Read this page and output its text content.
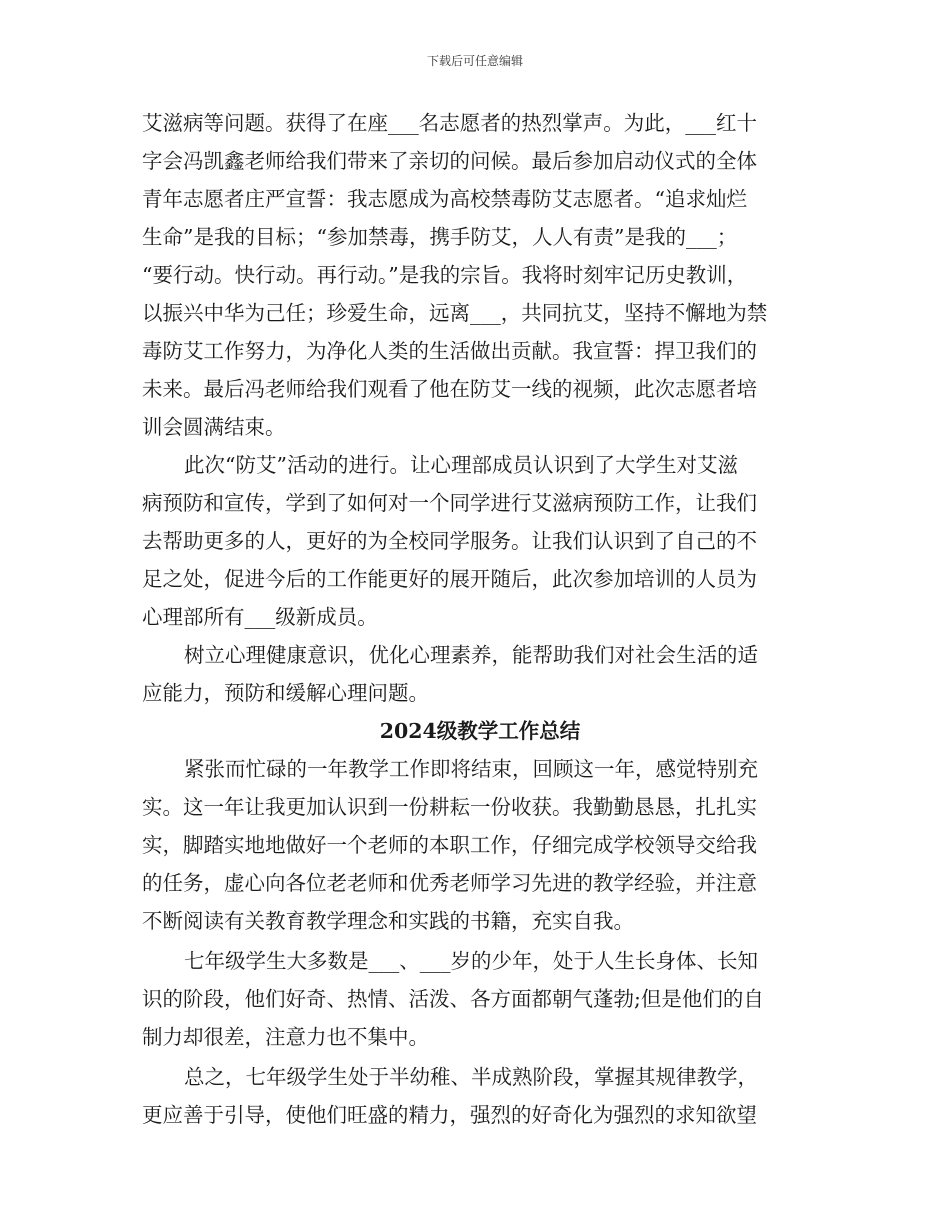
下载后可任意编辑
艾滋病等问题。获得了在座___名志愿者的热烈掌声。为此，___红十
字会冯凯鑫老师给我们带来了亲切的问候。最后参加启动仪式的全体
青年志愿者庄严宣誓：我志愿成为高校禁毒防艾志愿者。“追求灿烂
生命”是我的目标；“参加禁毒，携手防艾，人人有责”是我的___；
“要行动。快行动。再行动。”是我的宗旨。我将时刻牢记历史教训，
以振兴中华为己任；珍爱生命，远离___，共同抗艾，坚持不懈地为禁
毒防艾工作努力，为净化人类的生活做出贡献。我宣誓：捍卫我们的
未来。最后冯老师给我们观看了他在防艾一线的视频，此次志愿者培
训会圆满结束。
此次“防艾”活动的进行。让心理部成员认识到了大学生对艾滋
病预防和宣传，学到了如何对一个同学进行艾滋病预防工作，让我们
去帮助更多的人，更好的为全校同学服务。让我们认识到了自己的不
足之处，促进今后的工作能更好的展开随后，此次参加培训的人员为
心理部所有___级新成员。
树立心理健康意识，优化心理素养，能帮助我们对社会生活的适
应能力，预防和缓解心理问题。
2024级教学工作总结
紧张而忙碌的一年教学工作即将结束，回顾这一年，感觉特别充
实。这一年让我更加认识到一份耕耘一份收获。我勤勤恳恳，扎扎实
实，脚踏实地地做好一个老师的本职工作，仔细完成学校领导交给我
的任务，虚心向各位老老师和优秀老师学习先进的教学经验，并注意
不断阅读有关教育教学理念和实践的书籍，充实自我。
七年级学生大多数是___、___岁的少年，处于人生长身体、长知
识的阶段，他们好奇、热情、活泼、各方面都朝气蓬勃;但是他们的自
制力却很差，注意力也不集中。
总之，七年级学生处于半幼稚、半成熟阶段，掌握其规律教学，
更应善于引导，使他们旺盛的精力，强烈的好奇化为强烈的求知欲望
